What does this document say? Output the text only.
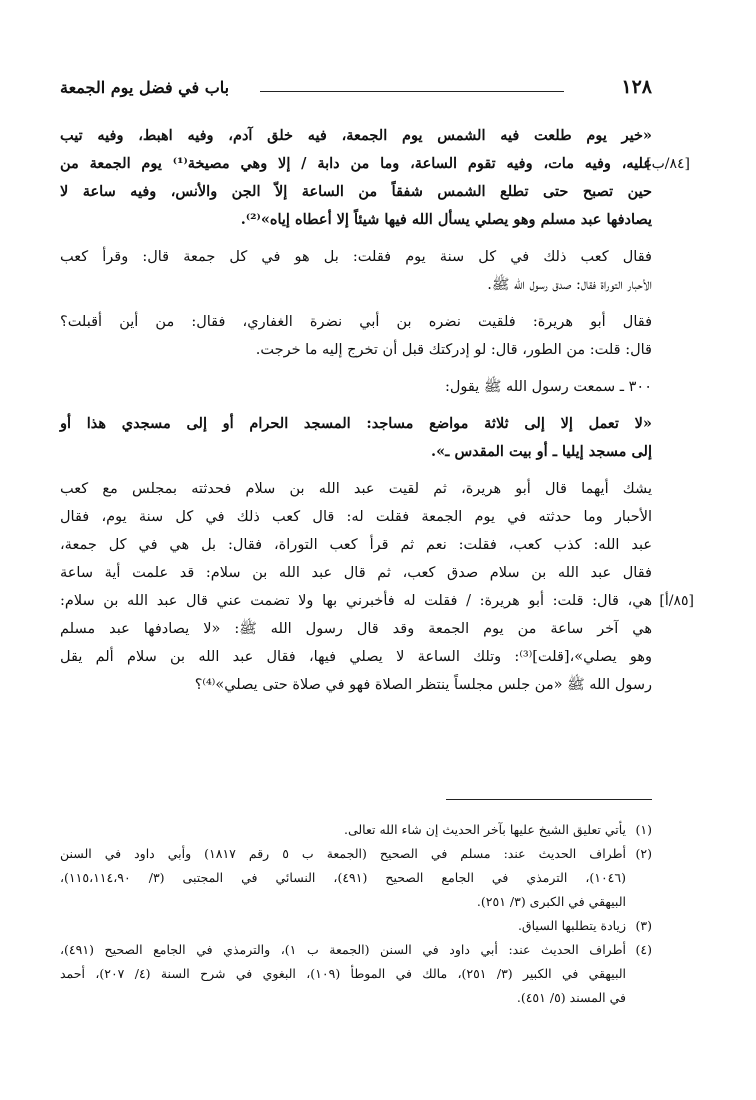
١٢٨
باب في فضل يوم الجمعة
«خير يوم طلعت فيه الشمس يوم الجمعة، فيه خلق آدم، وفيه اهبط، وفيه تيب
[٨٤/ب]
عليه، وفيه مات، وفيه تقوم الساعة، وما من دابة / إلا وهي مصيخة⁽¹⁾ يوم الجمعة من
حين تصبح حتى تطلع الشمس شفقاً من الساعة إلاّ الجن والأنس، وفيه ساعة لا
يصادفها عبد مسلم وهو يصلي يسأل الله فيها شيئاً إلا أعطاه إياه»⁽²⁾.
فقال كعب ذلك في كل سنة يوم فقلت: بل هو في كل جمعة قال: وقرأ كعب
الأحبار التوراة فقال: صدق رسول الله ﷺ.
فقال أبو هريرة: فلقيت نضره بن أبي نضرة الغفاري، فقال: من أين أقبلت؟
قال: قلت: من الطور، قال: لو إدركتك قبل أن تخرج إليه ما خرجت.
٣٠٠ ـ سمعت رسول الله ﷺ يقول:
«لا تعمل إلا إلى ثلاثة مواضع مساجد: المسجد الحرام أو إلى مسجدي هذا أو
إلى مسجد إيليا ـ أو بيت المقدس ـ».
يشك أيهما قال أبو هريرة، ثم لقيت عبد الله بن سلام فحدثته بمجلس مع كعب
الأحبار وما حدثته في يوم الجمعة فقلت له: قال كعب ذلك في كل سنة يوم، فقال
عبد الله: كذب كعب، فقلت: نعم ثم قرأ كعب التوراة، فقال: بل هي في كل جمعة،
فقال عبد الله بن سلام صدق كعب، ثم قال عبد الله بن سلام: قد علمت أية ساعة
[٨٥/أ]
هي، قال: قلت: أبو هريرة: / فقلت له فأخبرني بها ولا تضمت عني قال عبد الله بن سلام:
هي آخر ساعة من يوم الجمعة وقد قال رسول الله ﷺ: «لا يصادفها عبد مسلم
وهو يصلي»،[قلت]⁽³⁾: وتلك الساعة لا يصلي فيها، فقال عبد الله بن سلام ألم يقل
رسول الله ﷺ «من جلس مجلساً ينتظر الصلاة فهو في صلاة حتى يصلي»⁽⁴⁾؟
(١)
يأتي تعليق الشيخ عليها بآخر الحديث إن شاء الله تعالى.
(٢)
أطراف الحديث عند: مسلم في الصحيح (الجمعة ب ٥ رقم ١٨١٧) وأبي داود في السنن
(١٠٤٦)، الترمذي في الجامع الصحيح (٤٩١)، النسائي في المجتبى (٣/ ١١٥،١١٤،٩٠)،
البيهقي في الكبرى (٣/ ٢٥١).
(٣)
زيادة يتطلبها السياق.
(٤)
أطراف الحديث عند: أبي داود في السنن (الجمعة ب ١)، والترمذي في الجامع الصحيح (٤٩١)،
البيهقي في الكبير (٣/ ٢٥١)، مالك في الموطأ (١٠٩)، البغوي في شرح السنة (٤/ ٢٠٧)، أحمد
في المسند (٥/ ٤٥١).
